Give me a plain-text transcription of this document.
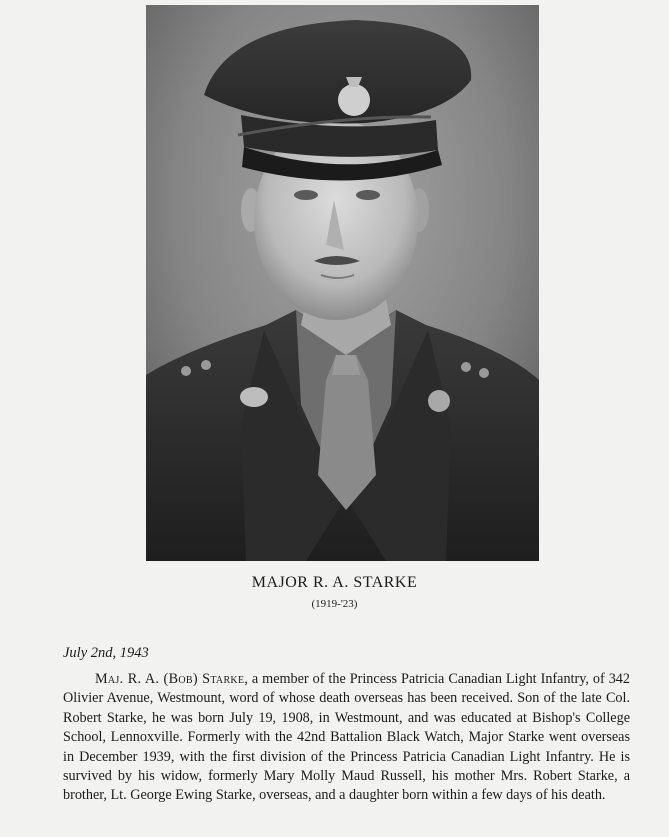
MAJOR R. A. STARKE
(1919-'23)
July 2nd, 1943

Maj. R. A. (Bob) Starke, a member of the Princess Patricia Canadian Light Infantry, of 342 Olivier Avenue, Westmount, word of whose death overseas has been received. Son of the late Col. Robert Starke, he was born July 19, 1908, in Westmount, and was educated at Bishop's College School, Lennoxville. Formerly with the 42nd Battalion Black Watch, Major Starke went overseas in December 1939, with the first division of the Princess Patricia Canadian Light Infantry. He is survived by his widow, formerly Mary Molly Maud Russell, his mother Mrs. Robert Starke, a brother, Lt. George Ewing Starke, overseas, and a daughter born within a few days of his death.
